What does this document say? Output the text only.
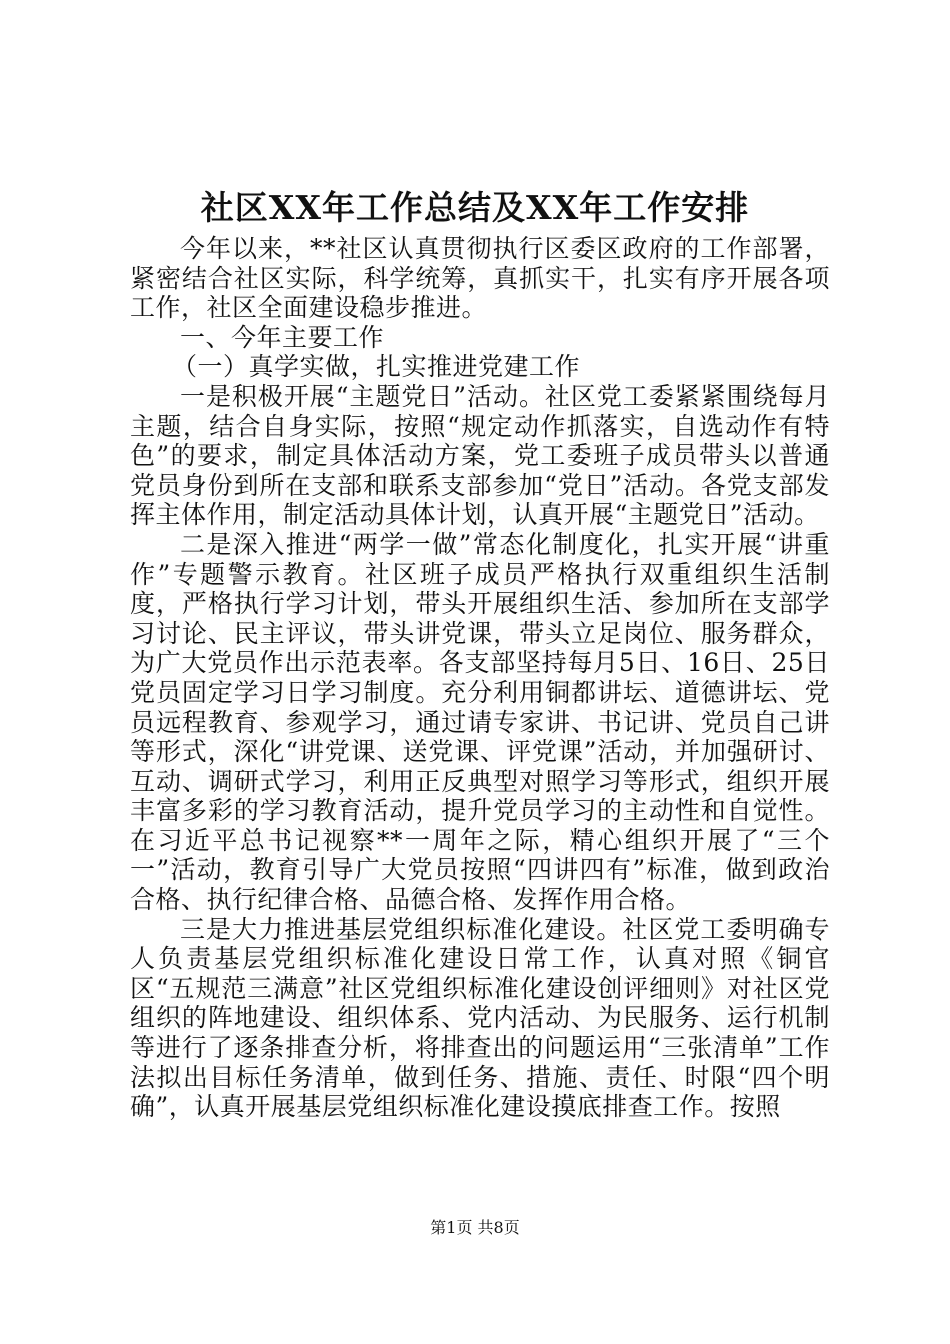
社区XX年工作总结及XX年工作安排

今年以来，**社区认真贯彻执行区委区政府的工作部署，紧密结合社区实际，科学统筹，真抓实干，扎实有序开展各项工作，社区全面建设稳步推进。

一、今年主要工作

（一）真学实做，扎实推进党建工作

一是积极开展“主题党日”活动。社区党工委紧紧围绕每月主题，结合自身实际，按照“规定动作抓落实，自选动作有特色”的要求，制定具体活动方案，党工委班子成员带头以普通党员身份到所在支部和联系支部参加“党日”活动。各党支部发挥主体作用，制定活动具体计划，认真开展“主题党日”活动。

二是深入推进“两学一做”常态化制度化，扎实开展“讲重作”专题警示教育。社区班子成员严格执行双重组织生活制度，严格执行学习计划，带头开展组织生活、参加所在支部学习讨论、民主评议，带头讲党课，带头立足岗位、服务群众，为广大党员作出示范表率。各支部坚持每月5日、16日、25日党员固定学习日学习制度。充分利用铜都讲坛、道德讲坛、党员远程教育、参观学习，通过请专家讲、书记讲、党员自己讲等形式，深化“讲党课、送党课、评党课”活动，并加强研讨、互动、调研式学习，利用正反典型对照学习等形式，组织开展丰富多彩的学习教育活动，提升党员学习的主动性和自觉性。在习近平总书记视察**一周年之际，精心组织开展了“三个一”活动，教育引导广大党员按照“四讲四有”标准，做到政治合格、执行纪律合格、品德合格、发挥作用合格。

三是大力推进基层党组织标准化建设。社区党工委明确专人负责基层党组织标准化建设日常工作，认真对照《铜官区“五规范三满意”社区党组织标准化建设创评细则》对社区党组织的阵地建设、组织体系、党内活动、为民服务、运行机制等进行了逐条排查分析，将排查出的问题运用“三张清单”工作法拟出目标任务清单，做到任务、措施、责任、时限“四个明确”，认真开展基层党组织标准化建设摸底排查工作。按照

第1页 共8页
